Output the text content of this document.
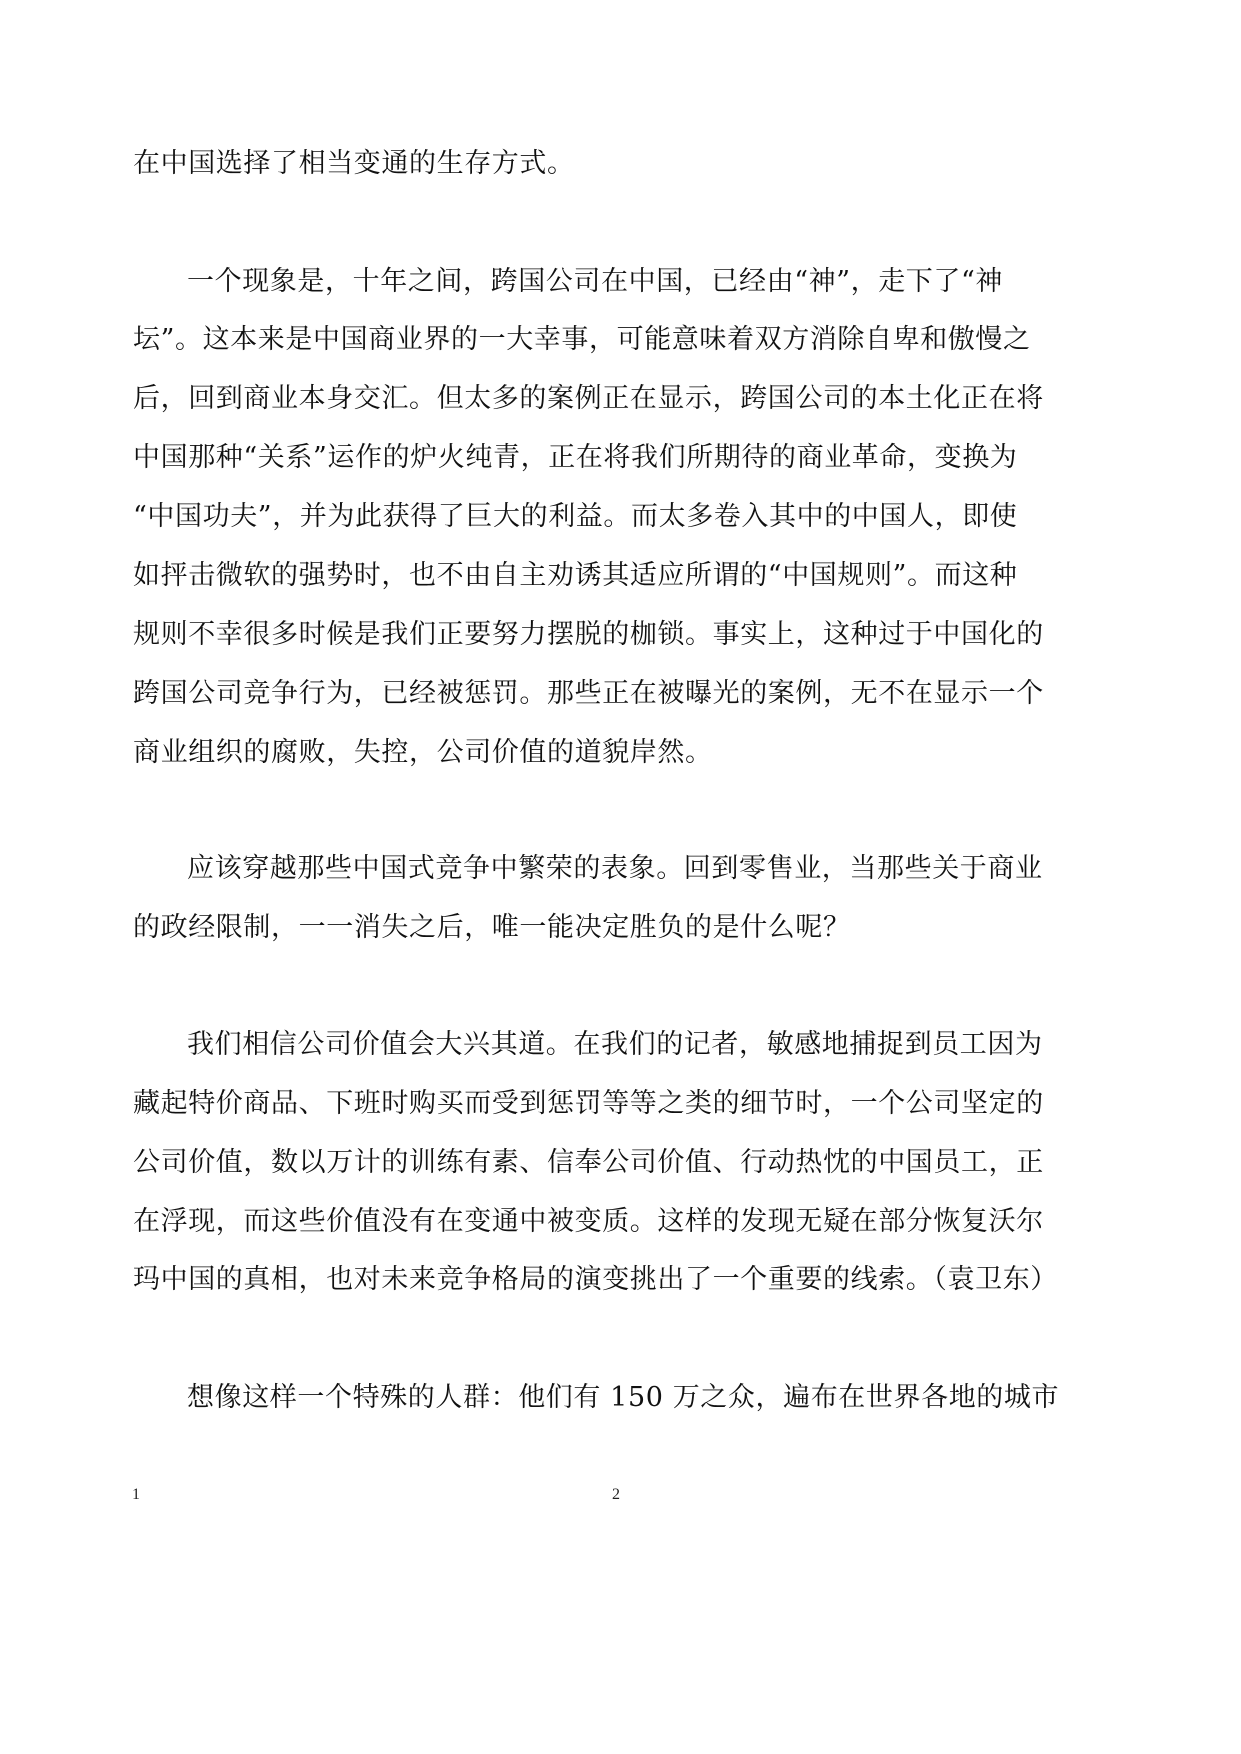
在中国选择了相当变通的生存方式。
一个现象是，十年之间，跨国公司在中国，已经由“神”，走下了“神
坛”。这本来是中国商业界的一大幸事，可能意味着双方消除自卑和傲慢之
后，回到商业本身交汇。但太多的案例正在显示，跨国公司的本土化正在将
中国那种“关系”运作的炉火纯青，正在将我们所期待的商业革命，变换为
“中国功夫”，并为此获得了巨大的利益。而太多卷入其中的中国人，即使
如抨击微软的强势时，也不由自主劝诱其适应所谓的“中国规则”。而这种
规则不幸很多时候是我们正要努力摆脱的枷锁。事实上，这种过于中国化的
跨国公司竞争行为，已经被惩罚。那些正在被曝光的案例，无不在显示一个
商业组织的腐败，失控，公司价值的道貌岸然。
应该穿越那些中国式竞争中繁荣的表象。回到零售业，当那些关于商业
的政经限制，一一消失之后，唯一能决定胜负的是什么呢？
我们相信公司价值会大兴其道。在我们的记者，敏感地捕捉到员工因为
藏起特价商品、下班时购买而受到惩罚等等之类的细节时，一个公司坚定的
公司价值，数以万计的训练有素、信奉公司价值、行动热忱的中国员工，正
在浮现，而这些价值没有在变通中被变质。这样的发现无疑在部分恢复沃尔
玛中国的真相，也对未来竞争格局的演变挑出了一个重要的线索。（袁卫东）
想像这样一个特殊的人群：他们有 150 万之众，遍布在世界各地的城市
1	2
